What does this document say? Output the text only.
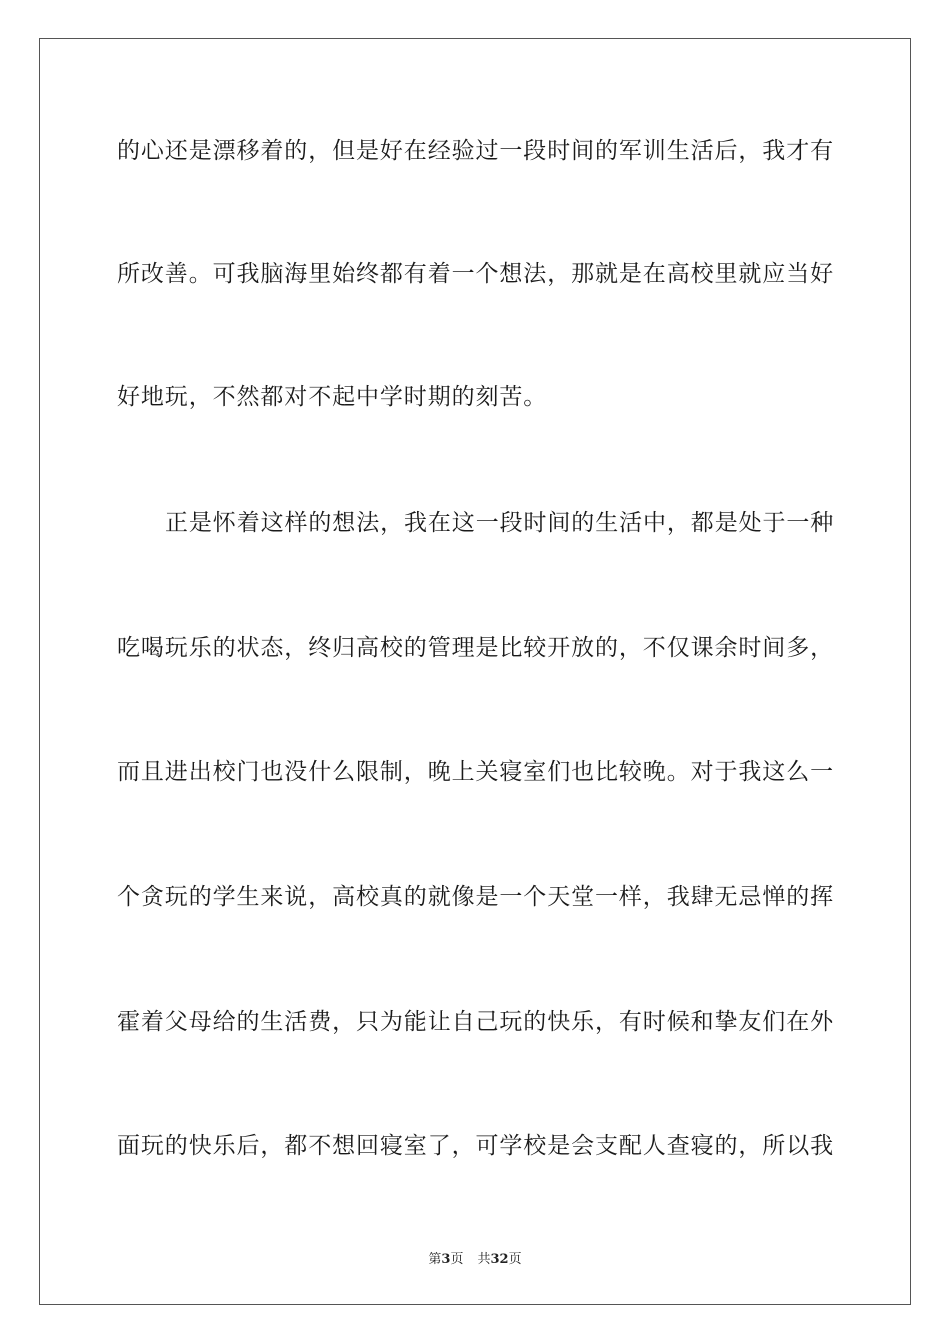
的心还是漂移着的，但是好在经验过一段时间的军训生活后，我才有
所改善。可我脑海里始终都有着一个想法，那就是在高校里就应当好
好地玩，不然都对不起中学时期的刻苦。
正是怀着这样的想法，我在这一段时间的生活中，都是处于一种
吃喝玩乐的状态，终归高校的管理是比较开放的，不仅课余时间多，
而且进出校门也没什么限制，晚上关寝室们也比较晚。对于我这么一
个贪玩的学生来说，高校真的就像是一个天堂一样，我肆无忌惮的挥
霍着父母给的生活费，只为能让自己玩的快乐，有时候和挚友们在外
面玩的快乐后，都不想回寝室了，可学校是会支配人查寝的，所以我
第3页 共32页
